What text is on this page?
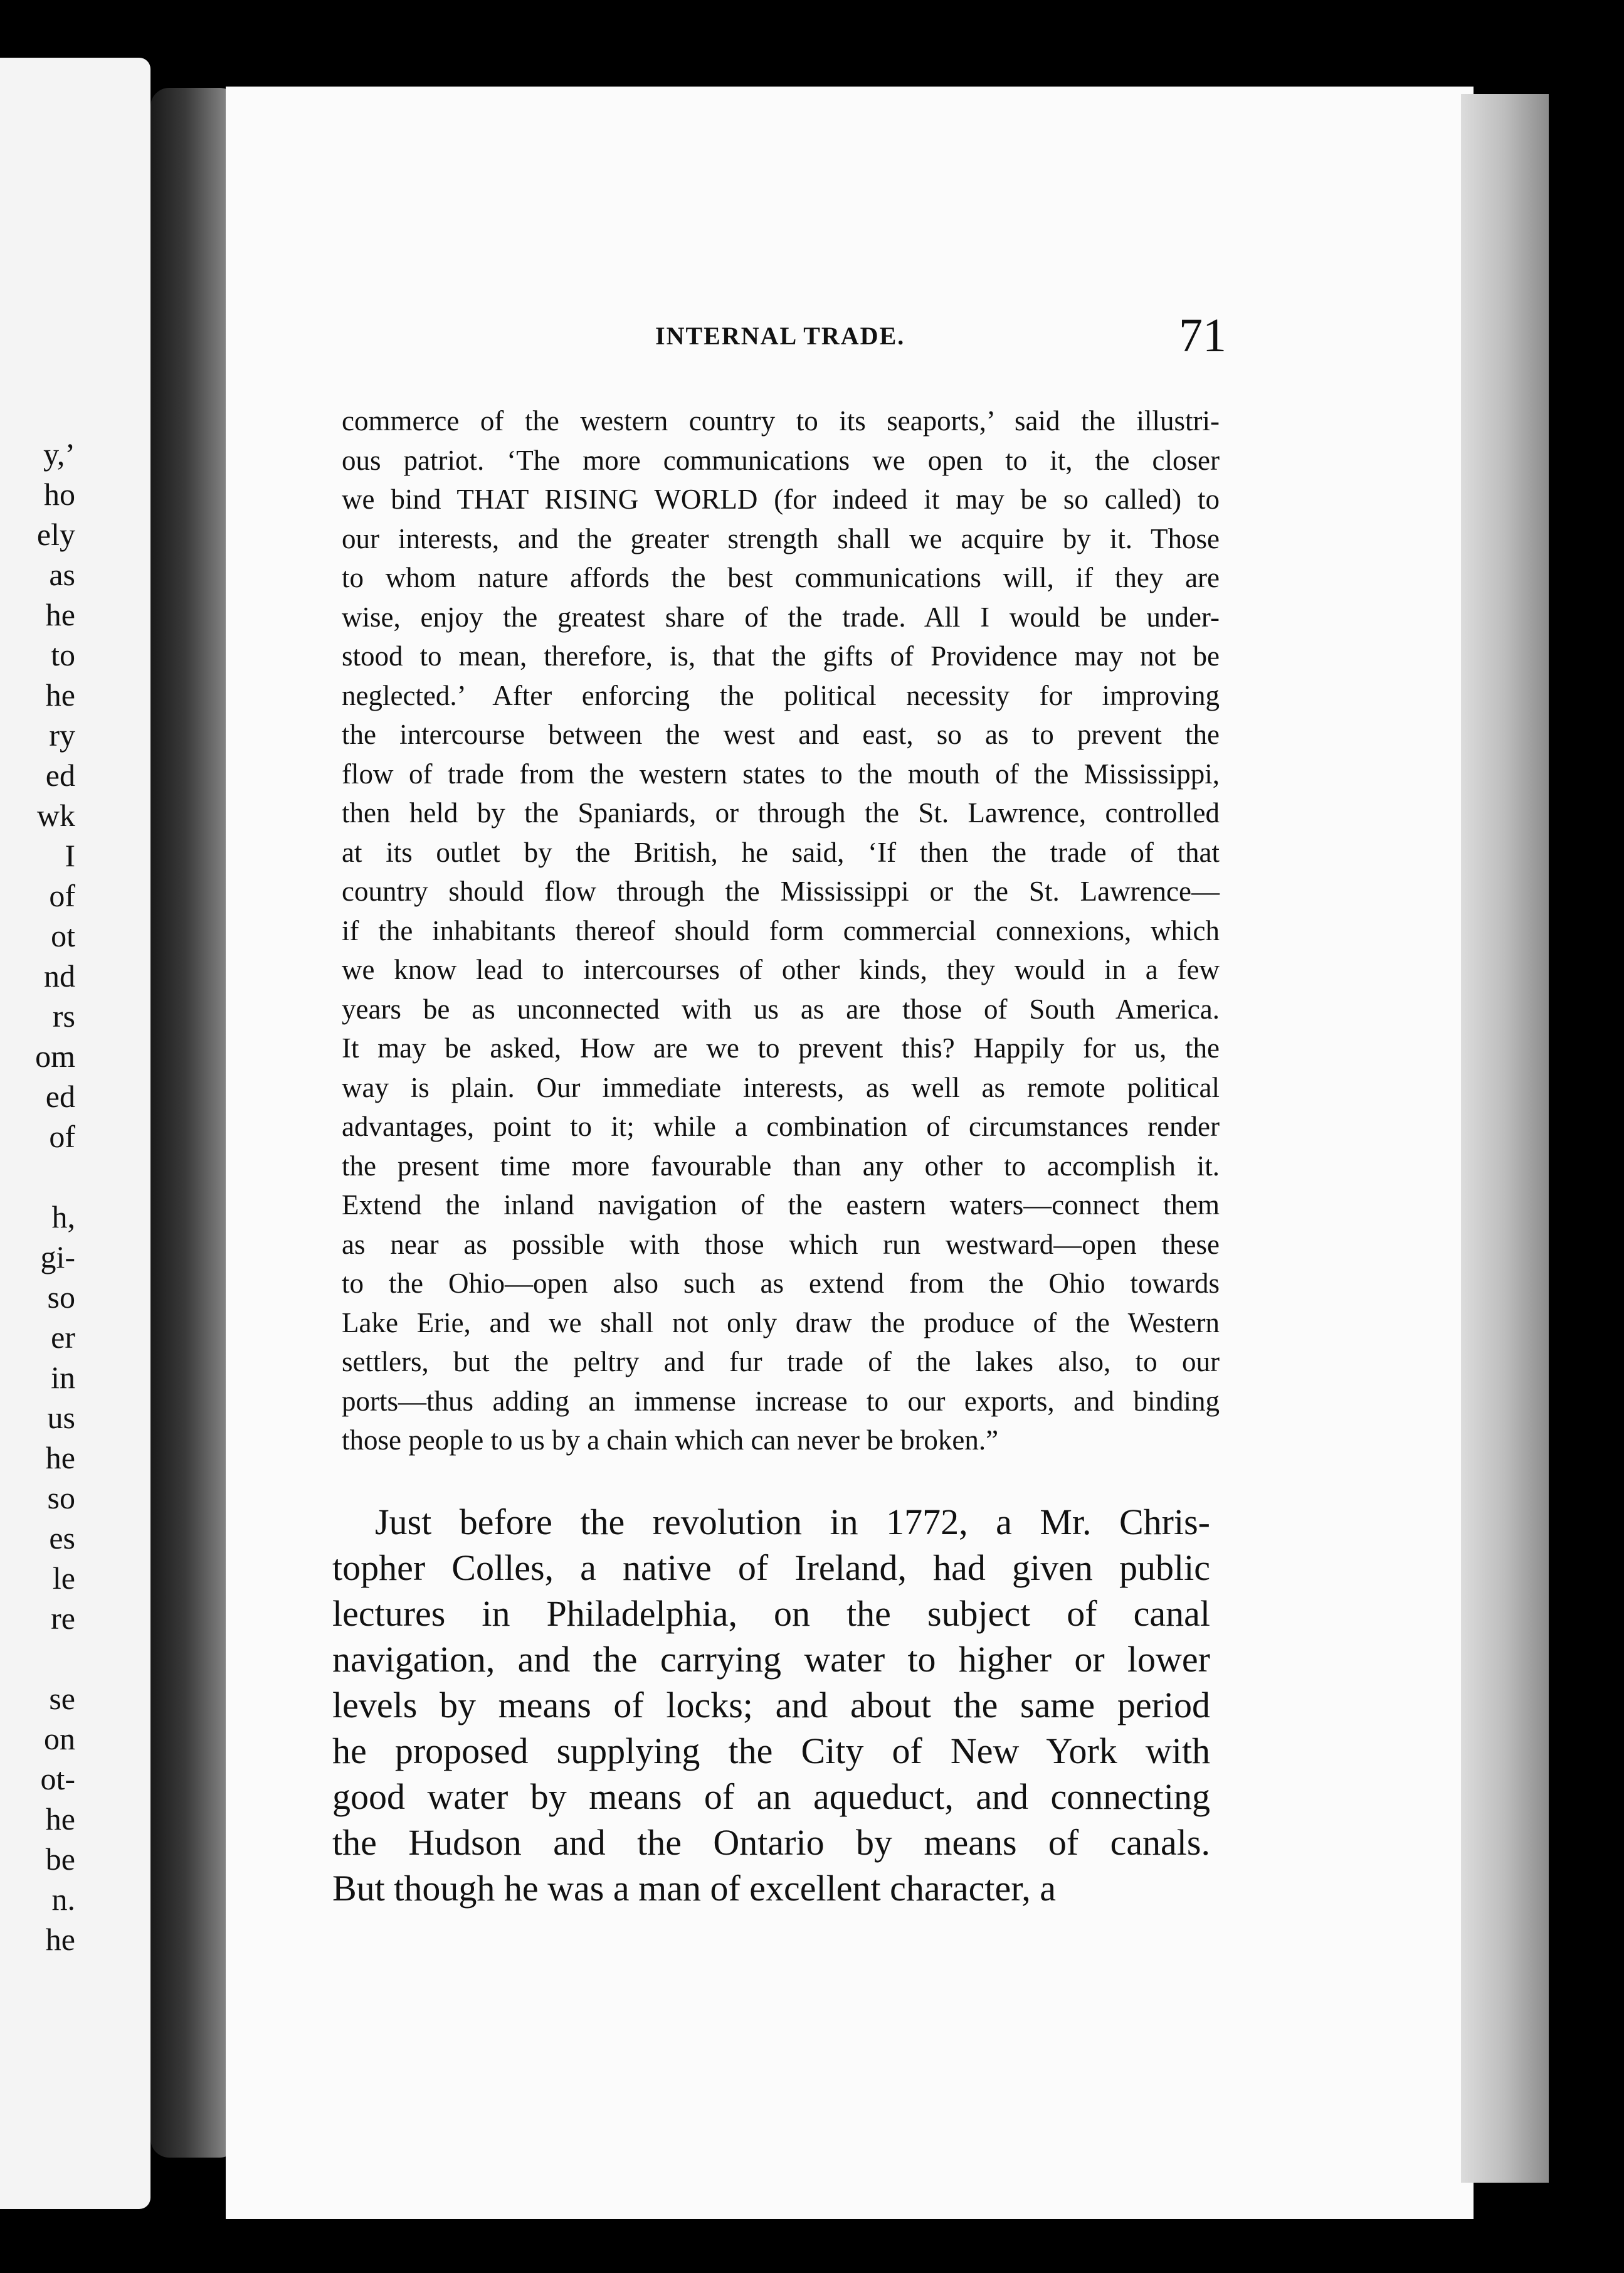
y,’
ho
ely
as
he
to
he
ry
ed
wk
I
of
ot
nd
rs
om
ed
of
h,
gi-
so
er
in
us
he
so
es
le
re
se
on
ot-
he
be
n.
he
INTERNAL TRADE.	71
commerce of the western country to its seaports,’ said the illustri-
ous patriot. ‘The more communications we open to it, the closer
we bind THAT RISING WORLD (for indeed it may be so called) to
our interests, and the greater strength shall we acquire by it. Those
to whom nature affords the best communications will, if they are
wise, enjoy the greatest share of the trade. All I would be under-
stood to mean, therefore, is, that the gifts of Providence may not be
neglected.’ After enforcing the political necessity for improving
the intercourse between the west and east, so as to prevent the
flow of trade from the western states to the mouth of the Mississippi,
then held by the Spaniards, or through the St. Lawrence, controlled
at its outlet by the British, he said, ‘If then the trade of that
country should flow through the Mississippi or the St. Lawrence—
if the inhabitants thereof should form commercial connexions, which
we know lead to intercourses of other kinds, they would in a few
years be as unconnected with us as are those of South America.
It may be asked, How are we to prevent this? Happily for us, the
way is plain. Our immediate interests, as well as remote political
advantages, point to it; while a combination of circumstances render
the present time more favourable than any other to accomplish it.
Extend the inland navigation of the eastern waters—connect them
as near as possible with those which run westward—open these
to the Ohio—open also such as extend from the Ohio towards
Lake Erie, and we shall not only draw the produce of the Western
settlers, but the peltry and fur trade of the lakes also, to our
ports—thus adding an immense increase to our exports, and binding
those people to us by a chain which can never be broken.”
Just before the revolution in 1772, a Mr. Chris-
topher Colles, a native of Ireland, had given public
lectures in Philadelphia, on the subject of canal
navigation, and the carrying water to higher or lower
levels by means of locks; and about the same period
he proposed supplying the City of New York with
good water by means of an aqueduct, and connecting
the Hudson and the Ontario by means of canals.
But though he was a man of excellent character, a
